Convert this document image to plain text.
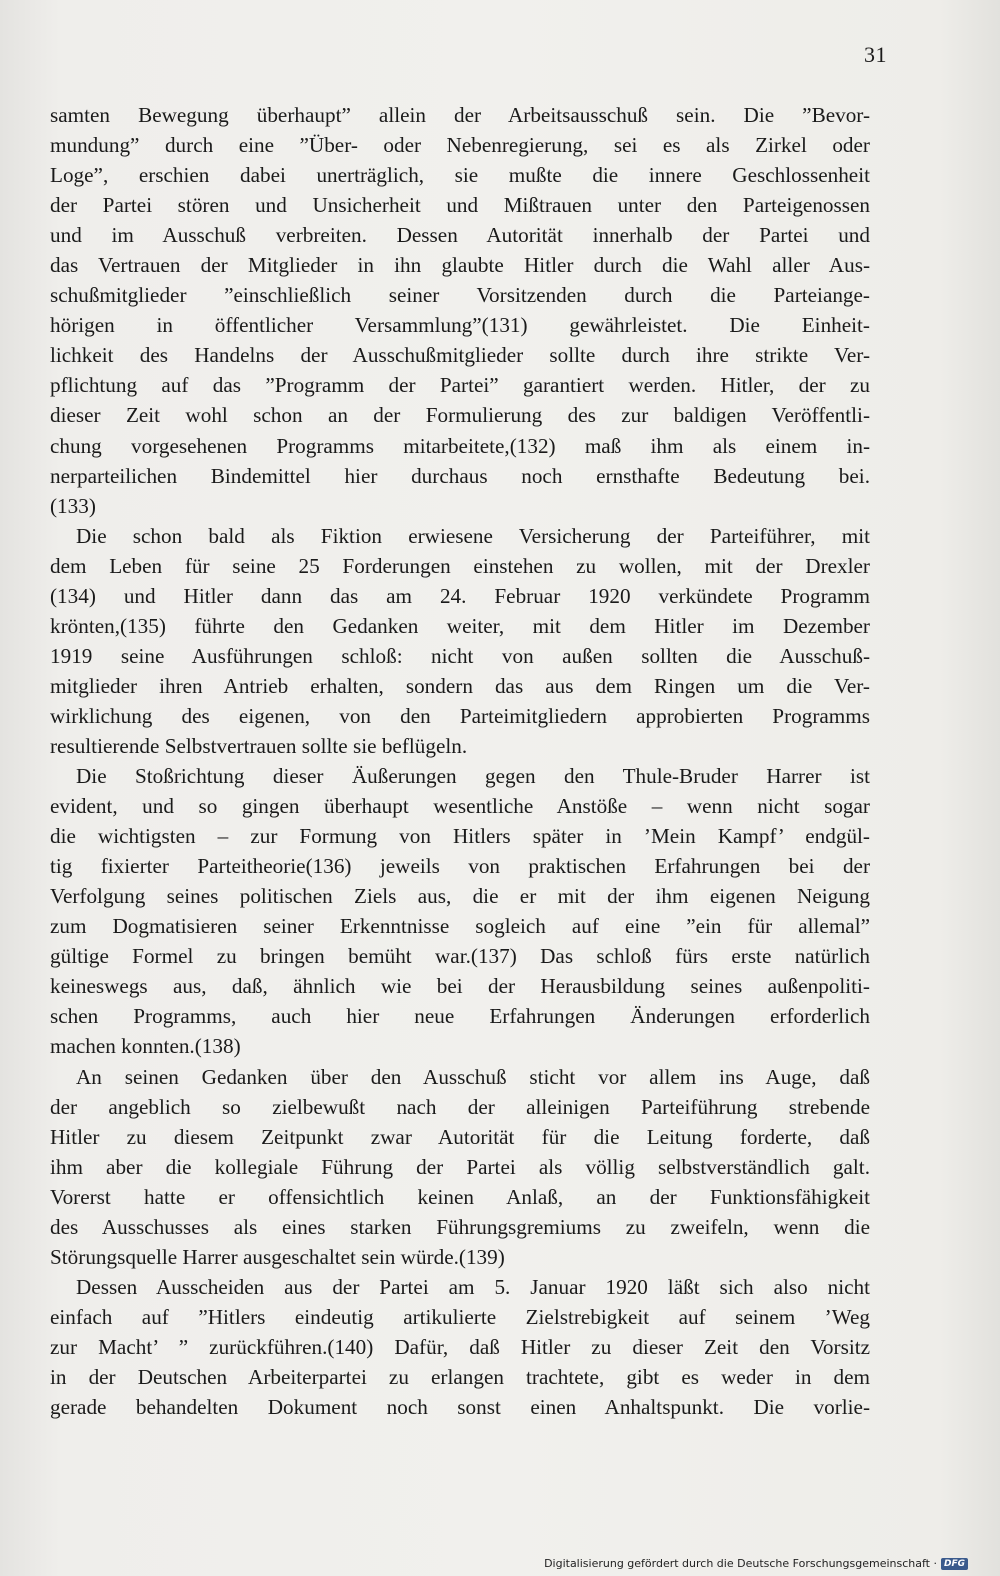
31
samten Bewegung überhaupt” allein der Arbeitsausschuß sein. Die ”Bevor-
mundung” durch eine ”Über- oder Nebenregierung, sei es als Zirkel oder
Loge”, erschien dabei unerträglich, sie mußte die innere Geschlossenheit
der Partei stören und Unsicherheit und Mißtrauen unter den Parteigenossen
und im Ausschuß verbreiten. Dessen Autorität innerhalb der Partei und
das Vertrauen der Mitglieder in ihn glaubte Hitler durch die Wahl aller Aus-
schußmitglieder ”einschließlich seiner Vorsitzenden durch die Parteiange-
hörigen in öffentlicher Versammlung”(131) gewährleistet. Die Einheit-
lichkeit des Handelns der Ausschußmitglieder sollte durch ihre strikte Ver-
pflichtung auf das ”Programm der Partei” garantiert werden. Hitler, der zu
dieser Zeit wohl schon an der Formulierung des zur baldigen Veröffentli-
chung vorgesehenen Programms mitarbeitete,(132) maß ihm als einem in-
nerparteilichen Bindemittel hier durchaus noch ernsthafte Bedeutung bei.
(133)
Die schon bald als Fiktion erwiesene Versicherung der Parteiführer, mit
dem Leben für seine 25 Forderungen einstehen zu wollen, mit der Drexler
(134) und Hitler dann das am 24. Februar 1920 verkündete Programm
krönten,(135) führte den Gedanken weiter, mit dem Hitler im Dezember
1919 seine Ausführungen schloß: nicht von außen sollten die Ausschuß-
mitglieder ihren Antrieb erhalten, sondern das aus dem Ringen um die Ver-
wirklichung des eigenen, von den Parteimitgliedern approbierten Programms
resultierende Selbstvertrauen sollte sie beflügeln.
Die Stoßrichtung dieser Äußerungen gegen den Thule-Bruder Harrer ist
evident, und so gingen überhaupt wesentliche Anstöße – wenn nicht sogar
die wichtigsten – zur Formung von Hitlers später in ’Mein Kampf’ endgül-
tig fixierter Parteitheorie(136) jeweils von praktischen Erfahrungen bei der
Verfolgung seines politischen Ziels aus, die er mit der ihm eigenen Neigung
zum Dogmatisieren seiner Erkenntnisse sogleich auf eine ”ein für allemal”
gültige Formel zu bringen bemüht war.(137) Das schloß fürs erste natürlich
keineswegs aus, daß, ähnlich wie bei der Herausbildung seines außenpoliti-
schen Programms, auch hier neue Erfahrungen Änderungen erforderlich
machen konnten.(138)
An seinen Gedanken über den Ausschuß sticht vor allem ins Auge, daß
der angeblich so zielbewußt nach der alleinigen Parteiführung strebende
Hitler zu diesem Zeitpunkt zwar Autorität für die Leitung forderte, daß
ihm aber die kollegiale Führung der Partei als völlig selbstverständlich galt.
Vorerst hatte er offensichtlich keinen Anlaß, an der Funktionsfähigkeit
des Ausschusses als eines starken Führungsgremiums zu zweifeln, wenn die
Störungsquelle Harrer ausgeschaltet sein würde.(139)
Dessen Ausscheiden aus der Partei am 5. Januar 1920 läßt sich also nicht
einfach auf ”Hitlers eindeutig artikulierte Zielstrebigkeit auf seinem ’Weg
zur Macht’ ” zurückführen.(140) Dafür, daß Hitler zu dieser Zeit den Vorsitz
in der Deutschen Arbeiterpartei zu erlangen trachtete, gibt es weder in dem
gerade behandelten Dokument noch sonst einen Anhaltspunkt. Die vorlie-
Digitalisierung gefördert durch die Deutsche Forschungsgemeinschaft · DFG
